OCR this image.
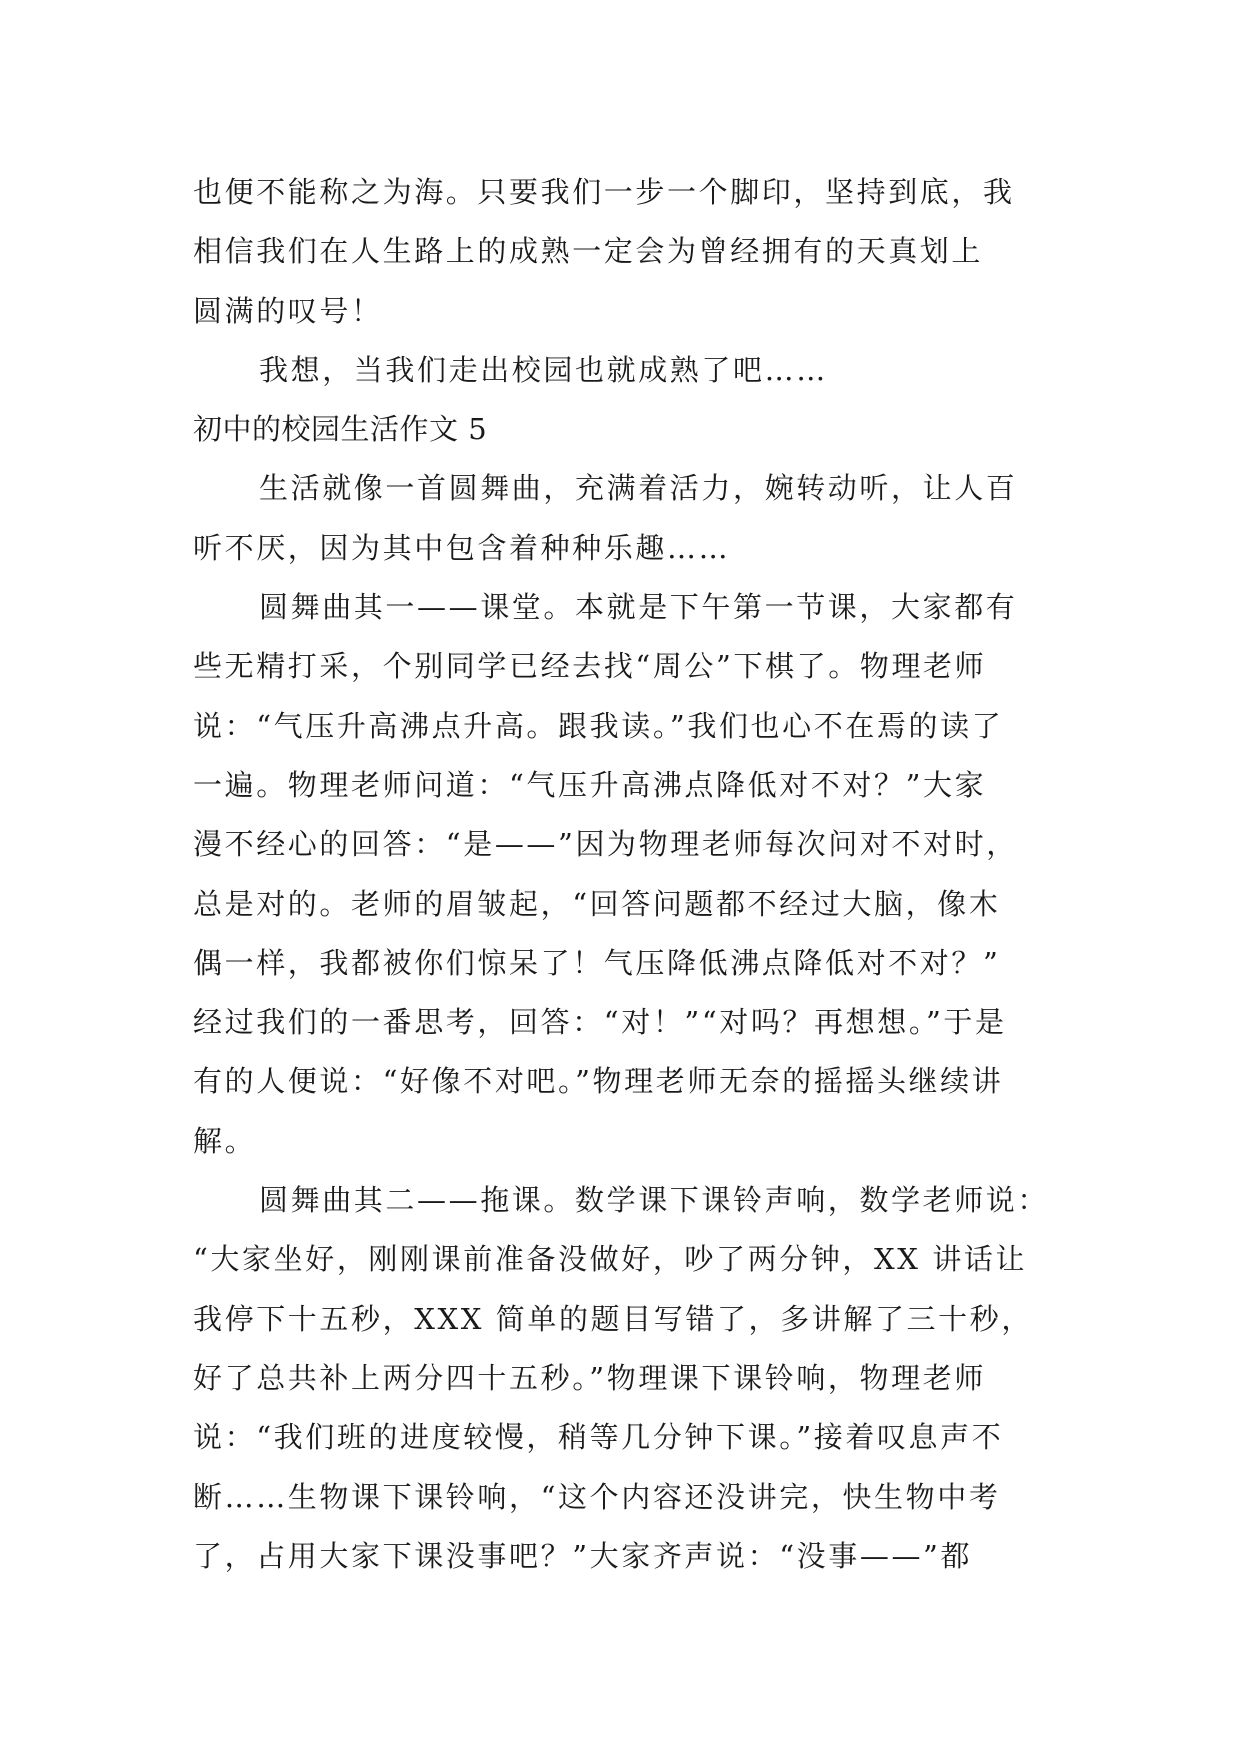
也便不能称之为海。只要我们一步一个脚印，坚持到底，我
相信我们在人生路上的成熟一定会为曾经拥有的天真划上
圆满的叹号！
我想，当我们走出校园也就成熟了吧……
初中的校园生活作文 5
生活就像一首圆舞曲，充满着活力，婉转动听，让人百
听不厌，因为其中包含着种种乐趣……
圆舞曲其一——课堂。本就是下午第一节课，大家都有
些无精打采，个别同学已经去找“周公”下棋了。物理老师
说：“气压升高沸点升高。跟我读。”我们也心不在焉的读了
一遍。物理老师问道：“气压升高沸点降低对不对？”大家
漫不经心的回答：“是——”因为物理老师每次问对不对时，
总是对的。老师的眉皱起，“回答问题都不经过大脑，像木
偶一样，我都被你们惊呆了！气压降低沸点降低对不对？”
经过我们的一番思考，回答：“对！”“对吗？再想想。”于是
有的人便说：“好像不对吧。”物理老师无奈的摇摇头继续讲
解。
圆舞曲其二——拖课。数学课下课铃声响，数学老师说：
“大家坐好，刚刚课前准备没做好，吵了两分钟，XX 讲话让
我停下十五秒，XXX 简单的题目写错了，多讲解了三十秒，
好了总共补上两分四十五秒。”物理课下课铃响，物理老师
说：“我们班的进度较慢，稍等几分钟下课。”接着叹息声不
断……生物课下课铃响，“这个内容还没讲完，快生物中考
了，占用大家下课没事吧？”大家齐声说：“没事——”都
